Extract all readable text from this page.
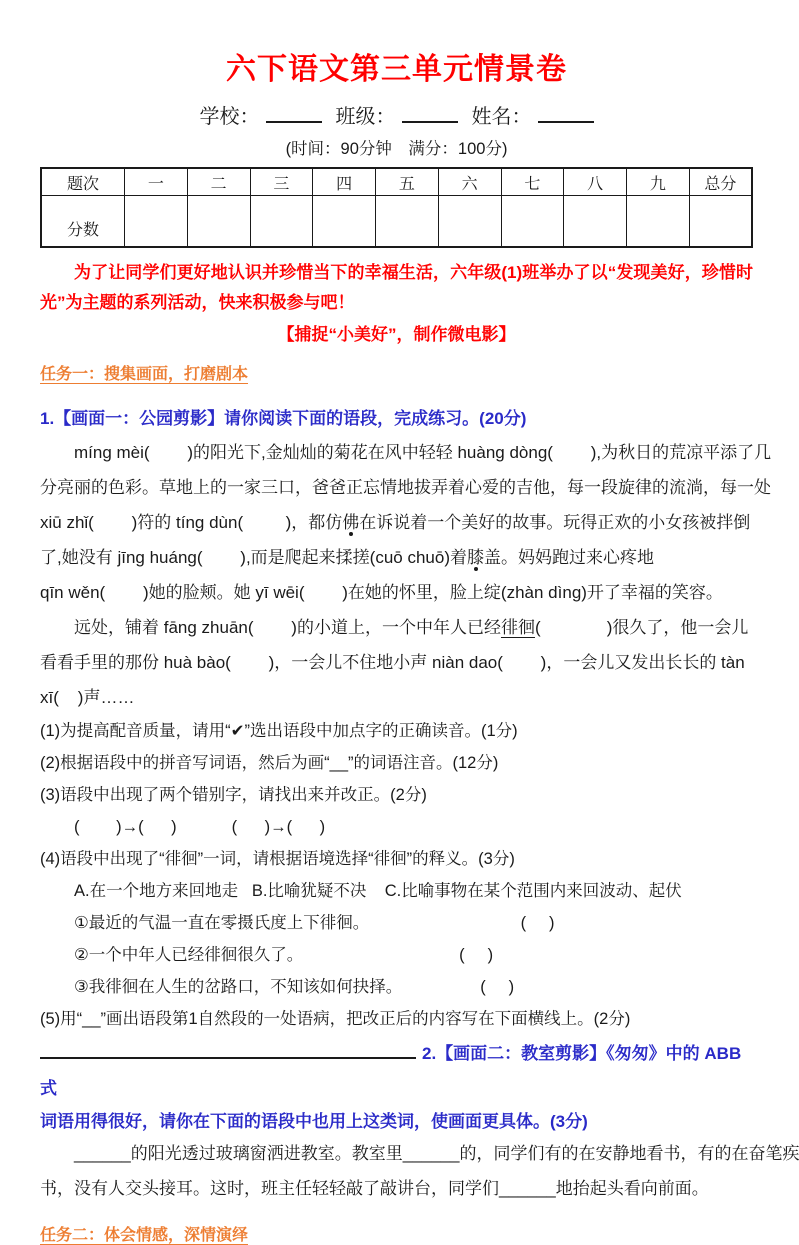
六下语文第三单元情景卷
学校：	班级：	姓名：
(时间：90分钟　满分：100分)
题次	一	二	三	四	五	六	七	八	九	总分
分数										
为了让同学们更好地认识并珍惜当下的幸福生活，六年级(1)班举办了以“发现美好，珍惜时光”为主题的系列活动，快来积极参与吧！
【捕捉“小美好”，制作微电影】
任务一：搜集画面，打磨剧本
1.【画面一：公园剪影】请你阅读下面的语段，完成练习。(20分)
míng mèi(        )的阳光下,金灿灿的菊花在风中轻轻 huàng dòng(        ),为秋日的荒凉平添了几
分亮丽的色彩。草地上的一家三口，爸爸正忘情地拔弄着心爱的吉他，每一段旋律的流淌，每一处
xiū zhǐ(        )符的 tíng dùn(         )，都仿佛在诉说着一个美好的故事。玩得正欢的小女孩被拌倒
了,她没有 jīng huáng(        ),而是爬起来揉搓(cuō chuō)着膝盖。妈妈跑过来心疼地
qīn wěn(        )她的脸颊。她 yī wēi(        )在她的怀里，脸上绽(zhàn dìng)开了幸福的笑容。
远处，铺着 fāng zhuān(        )的小道上，一个中年人已经徘徊(              )很久了，他一会儿
看看手里的那份 huà bào(        )，一会儿不住地小声 niàn dao(        )，一会儿又发出长长的 tàn
xī(    )声……
(1)为提高配音质量，请用“✔”选出语段中加点字的正确读音。(1分)
(2)根据语段中的拼音写词语，然后为画“__”的词语注音。(12分)
(3)语段中出现了两个错别字，请找出来并改正。(2分)
(        )→(      )            (      )→(      )
(4)语段中出现了“徘徊”一词，请根据语境选择“徘徊”的释义。(3分)
A.在一个地方来回地走   B.比喻犹疑不决    C.比喻事物在某个范围内来回波动、起伏
①最近的气温一直在零摄氏度上下徘徊。                                 (     )
②一个中年人已经徘徊很久了。                                  (     )
③我徘徊在人生的岔路口，不知该如何抉择。                 (     )
(5)用“__”画出语段第1自然段的一处语病，把改正后的内容写在下面横线上。(2分)
2.【画面二：教室剪影】《匆匆》中的 ABB 式
词语用得很好，请你在下面的语段中也用上这类词，使画面更具体。(3分)
______的阳光透过玻璃窗洒进教室。教室里______的，同学们有的在安静地看书，有的在奋笔疾
书，没有人交头接耳。这时，班主任轻轻敲了敲讲台，同学们______地抬起头看向前面。
任务二：体会情感，深情演绎
